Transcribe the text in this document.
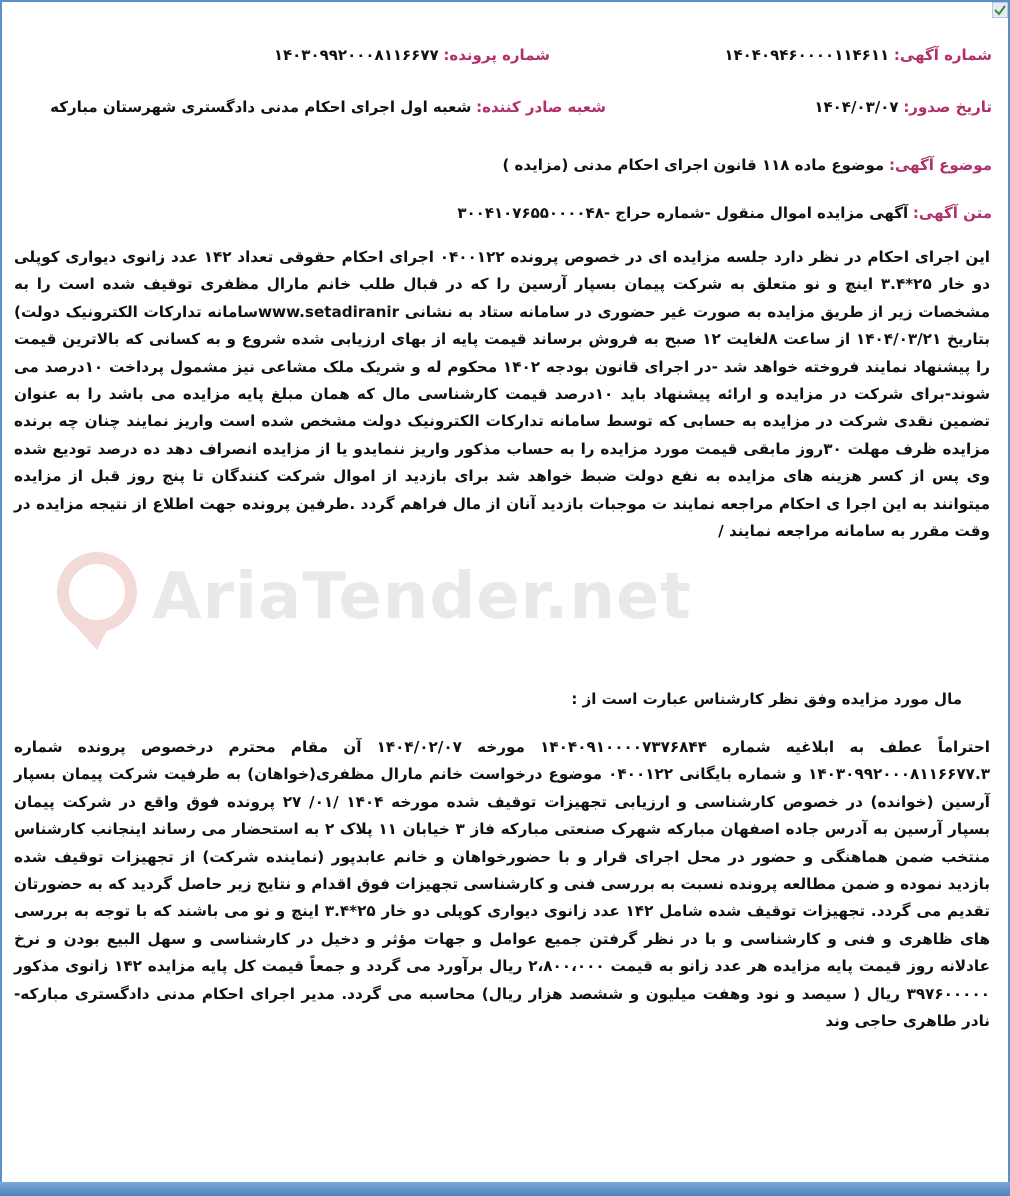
AriaTender.net
شماره آگهی: ۱۴۰۴۰۹۴۶۰۰۰۰۱۱۴۶۱۱
شماره پرونده: ۱۴۰۳۰۹۹۲۰۰۰۸۱۱۶۶۷۷
تاریخ صدور: ۱۴۰۴/۰۳/۰۷
شعبه صادر کننده: شعبه اول اجرای احکام مدنی دادگستری شهرستان مبارکه
موضوع آگهی: موضوع ماده ۱۱۸ قانون اجرای احکام مدنی (مزایده )
متن آگهی: آگهی مزایده اموال منقول -شماره حراج -۳۰۰۴۱۰۷۶۵۵۰۰۰۰۴۸
این اجرای احکام در نظر دارد جلسه مزایده ای در خصوص پرونده ۰۴۰۰۱۲۲ اجرای احکام حقوقی تعداد ۱۴۲ عدد زانوی دیواری کوپلی دو خار ۲۵*۳.۴ اینچ و نو متعلق به شرکت پیمان بسپار آرسین را که در قبال طلب خانم مارال مظفری توقیف شده است را به مشخصات زیر از طریق مزایده به صورت غیر حضوری در سامانه ستاد به نشانی www.setadiranirسامانه تدارکات الکترونیک دولت) بتاریخ ۱۴۰۴/۰۳/۲۱ از ساعت ۸لغایت ۱۲ صبح به فروش برساند قیمت پایه از بهای ارزیابی شده شروع و به کسانی که بالاترین قیمت را پیشنهاد نمایند فروخته خواهد شد -در اجرای قانون بودجه ۱۴۰۲ محکوم له و شریک ملک مشاعی نیز مشمول پرداخت ۱۰درصد می شوند-برای شرکت در مزایده و ارائه پیشنهاد باید ۱۰درصد قیمت کارشناسی مال که همان مبلغ پایه مزایده می باشد را به عنوان تضمین نقدی شرکت در مزایده به حسابی که توسط سامانه تدارکات الکترونیک دولت مشخص شده است واریز نمایند چنان چه برنده مزایده ظرف مهلت ۳۰روز مابقی قیمت مورد مزایده را به حساب مذکور واریز ننمایدو یا از مزایده انصراف دهد ده درصد تودیع شده وی پس از کسر هزینه های مزایده به نفع دولت ضبط خواهد شد برای بازدید از اموال شرکت کنندگان تا پنج روز قبل از مزایده میتوانند به این اجرا ی احکام مراجعه نمایند ت موجبات بازدید آنان از مال فراهم گردد .طرفین پرونده جهت اطلاع از نتیجه مزایده در وقت مقرر به سامانه مراجعه نمایند /
مال مورد مزایده وفق نظر کارشناس عبارت است از :
احتراماً عطف به ابلاغیه شماره ۱۴۰۴۰۹۱۰۰۰۰۷۳۷۶۸۴۴ مورخه ۱۴۰۴/۰۲/۰۷ آن مقام محترم درخصوص پرونده شماره ۱۴۰۳۰۹۹۲۰۰۰۸۱۱۶۶۷۷.۳ و شماره بایگانی ۰۴۰۰۱۲۲ موضوع درخواست خانم مارال مظفری(خواهان) به طرفیت شرکت پیمان بسپار آرسین (خوانده) در خصوص کارشناسی و ارزیابی تجهیزات توقیف شده مورخه ۱۴۰۴ /۰۱/ ۲۷ پرونده فوق واقع در شرکت پیمان بسپار آرسین به آدرس جاده اصفهان مبارکه شهرک صنعتی مبارکه فاز ۳ خیابان ۱۱ پلاک ۲ به استحضار می رساند اینجانب کارشناس منتخب ضمن هماهنگی و حضور در محل اجرای قرار و با حضورخواهان و خانم عابدپور (نماینده شرکت) از تجهیزات توقیف شده بازدید نموده و ضمن مطالعه پرونده نسبت به بررسی فنی و کارشناسی تجهیزات فوق اقدام و نتایج زیر حاصل گردید که به حضورتان تقدیم می گردد. تجهیزات توقیف شده شامل ۱۴۲ عدد زانوی دیواری کوپلی دو خار ۲۵*۳.۴ اینچ و نو می باشند که با توجه به بررسی های ظاهری و فنی و کارشناسی و با در نظر گرفتن جمیع عوامل و جهات مؤثر و دخیل در کارشناسی و سهل البیع بودن و نرخ عادلانه روز قیمت پایه مزایده هر عدد زانو به قیمت ۲،۸۰۰،۰۰۰ ریال برآورد می گردد و جمعاً قیمت کل پایه مزایده ۱۴۲ زانوی مذکور ۳۹۷۶۰۰۰۰۰ ریال ( سیصد و نود وهفت میلیون و ششصد هزار ریال) محاسبه می گردد. مدیر اجرای احکام مدنی دادگستری مبارکه-نادر طاهری حاجی وند
